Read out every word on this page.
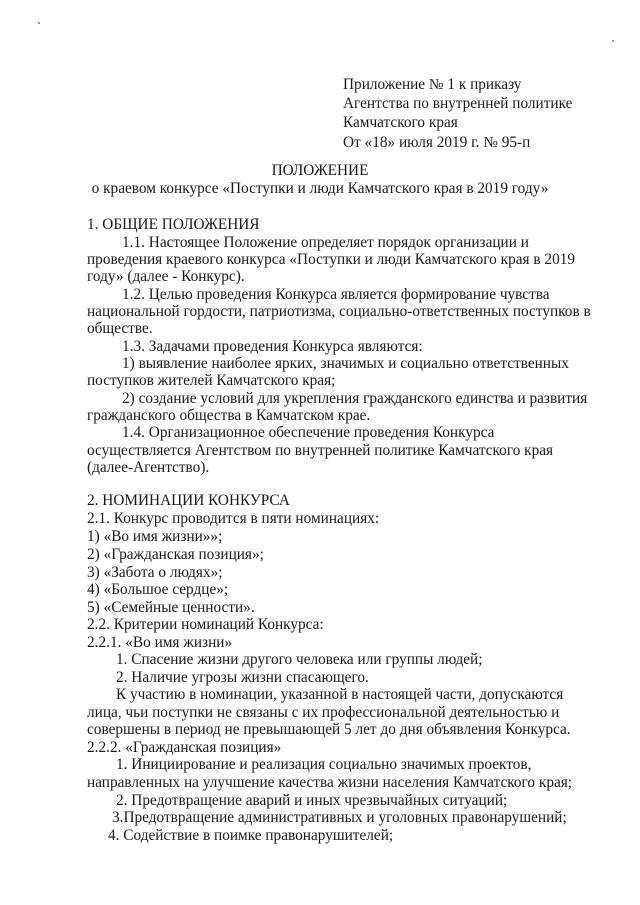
Приложение № 1 к приказу
Агентства по внутренней политике
Камчатского края
От «18» июля 2019 г. № 95-п
ПОЛОЖЕНИЕ
о краевом конкурсе «Поступки и люди Камчатского края в 2019 году»
1. ОБЩИЕ ПОЛОЖЕНИЯ
1.1. Настоящее Положение определяет порядок организации и
проведения краевого конкурса «Поступки и люди Камчатского края в 2019
году» (далее - Конкурс).
1.2. Целью проведения Конкурса является формирование чувства
национальной гордости, патриотизма, социально-ответственных поступков в
обществе.
1.3. Задачами проведения Конкурса являются:
1) выявление наиболее ярких, значимых и социально ответственных
поступков жителей Камчатского края;
2) создание условий для укрепления гражданского единства и развития
гражданского общества в Камчатском крае.
1.4. Организационное обеспечение проведения Конкурса
осуществляется Агентством по внутренней политике Камчатского края
(далее-Агентство).
2. НОМИНАЦИИ КОНКУРСА
2.1. Конкурс проводится в пяти номинациях:
1) «Во имя жизни»»;
2) «Гражданская позиция»;
3) «Забота о людях»;
4) «Большое сердце»;
5) «Семейные ценности».
2.2. Критерии номинаций Конкурса:
2.2.1. «Во имя жизни»
1. Спасение жизни другого человека или группы людей;
2. Наличие угрозы жизни спасающего.
К участию в номинации, указанной в настоящей части, допускаются
лица, чьи поступки не связаны с их профессиональной деятельностью и
совершены в период не превышающей 5 лет до дня объявления Конкурса.
2.2.2. «Гражданская позиция»
1. Инициирование и реализация социально значимых проектов,
направленных на улучшение качества жизни населения Камчатского края;
2. Предотвращение аварий и иных чрезвычайных ситуаций;
3.Предотвращение административных и уголовных правонарушений;
4. Содействие в поимке правонарушителей;
